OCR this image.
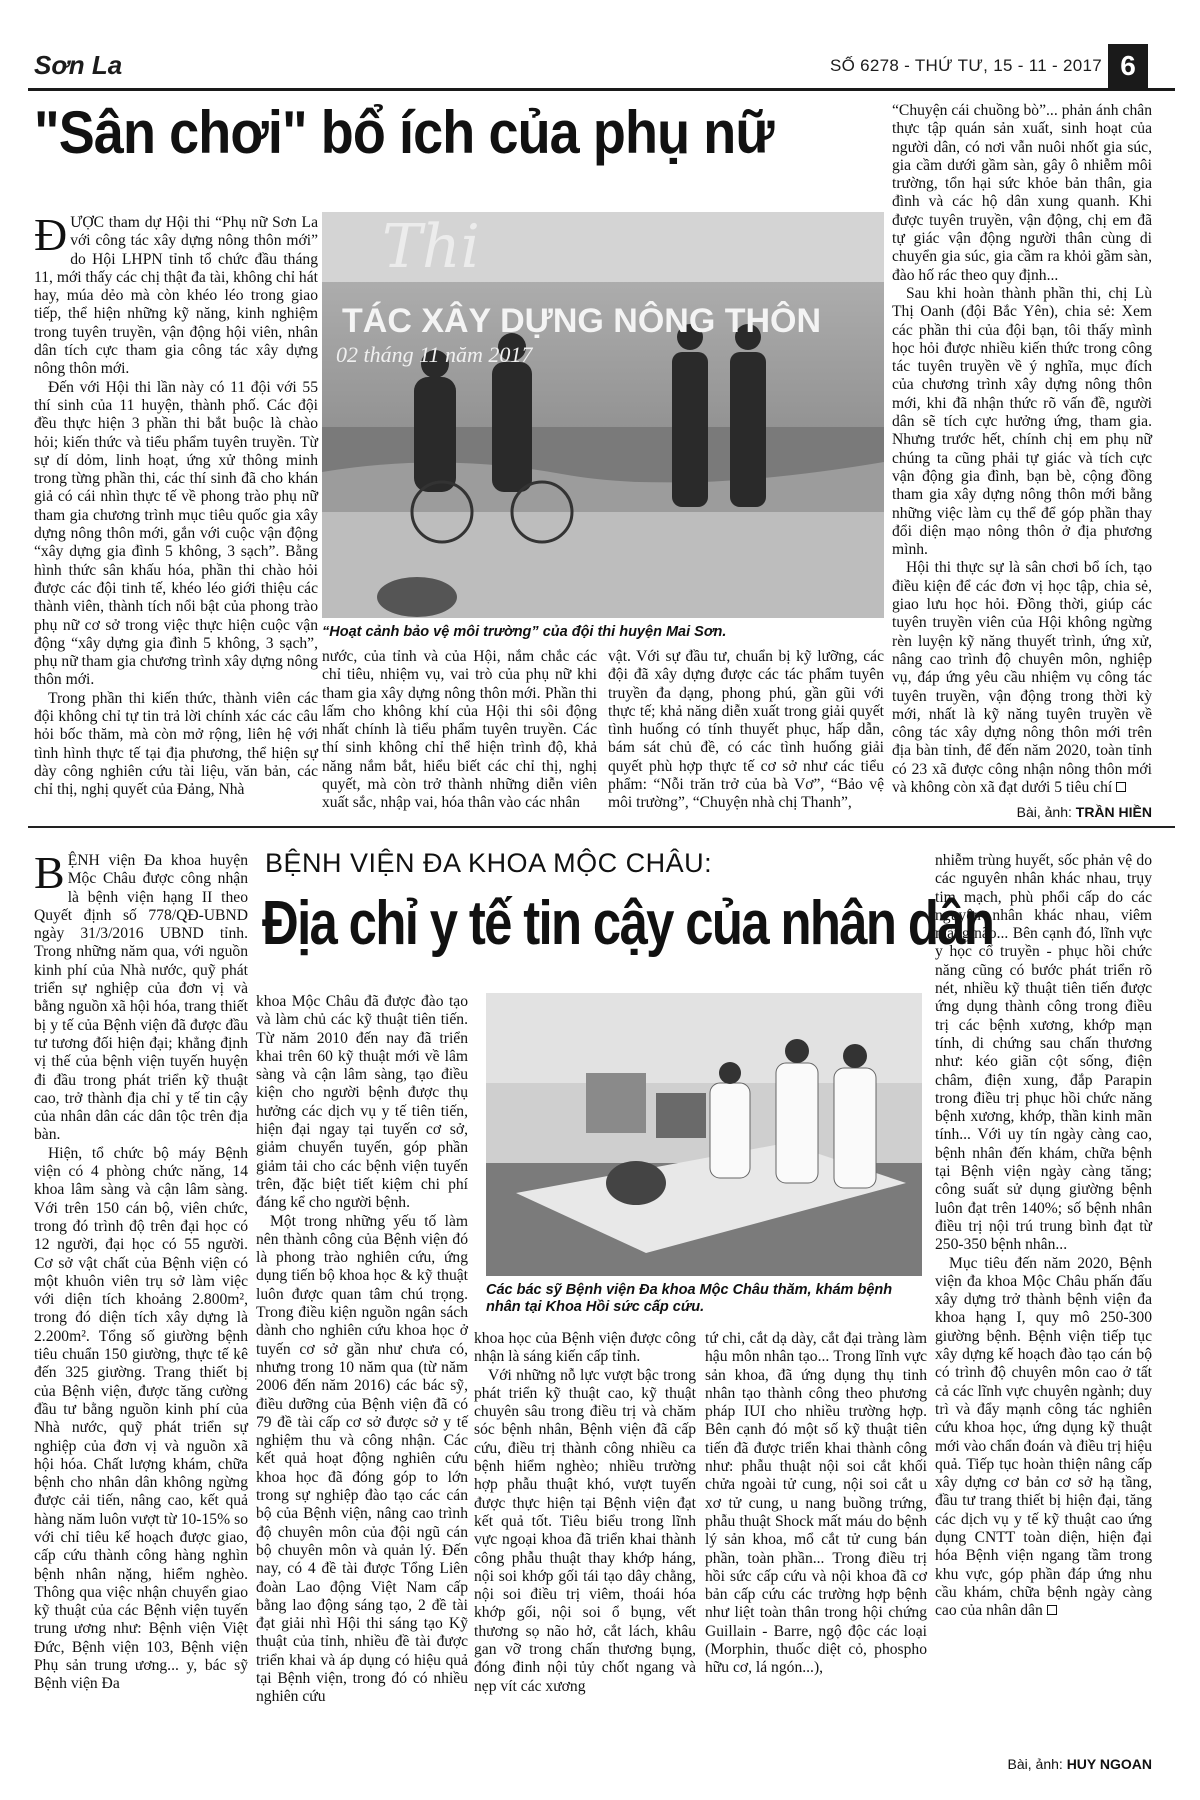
Sơn La	SỐ 6278 - THỨ TƯ, 15 - 11 - 2017 6
"Sân chơi" bổ ích của phụ nữ

ĐƯỢC tham dự Hội thi “Phụ nữ Sơn La với công tác xây dựng nông thôn mới” do Hội LHPN tỉnh tổ chức đầu tháng 11, mới thấy các chị thật đa tài, không chỉ hát hay, múa dẻo mà còn khéo léo trong giao tiếp, thể hiện những kỹ năng, kinh nghiệm trong tuyên truyền, vận động hội viên, nhân dân tích cực tham gia công tác xây dựng nông thôn mới.

Đến với Hội thi lần này có 11 đội với 55 thí sinh của 11 huyện, thành phố. Các đội đều thực hiện 3 phần thi bắt buộc là chào hỏi; kiến thức và tiểu phẩm tuyên truyền. Từ sự dí dỏm, linh hoạt, ứng xử thông minh trong từng phần thi, các thí sinh đã cho khán giả có cái nhìn thực tế về phong trào phụ nữ tham gia chương trình mục tiêu quốc gia xây dựng nông thôn mới, gắn với cuộc vận động “xây dựng gia đình 5 không, 3 sạch”. Bằng hình thức sân khấu hóa, phần thi chào hỏi được các đội tinh tế, khéo léo giới thiệu các thành viên, thành tích nổi bật của phong trào phụ nữ cơ sở trong việc thực hiện cuộc vận động “xây dựng gia đình 5 không, 3 sạch”, phụ nữ tham gia chương trình xây dựng nông thôn mới.

Trong phần thi kiến thức, thành viên các đội không chỉ tự tin trả lời chính xác các câu hỏi bốc thăm, mà còn mở rộng, liên hệ với tình hình thực tế tại địa phương, thể hiện sự dày công nghiên cứu tài liệu, văn bản, các chỉ thị, nghị quyết của Đảng, Nhà

TÁC XÂY DỰNG NÔNG THÔN
Thi
02 tháng 11 năm 2017
“Hoạt cảnh bảo vệ môi trường” của đội thi huyện Mai Sơn.

nước, của tỉnh và của Hội, nắm chắc các chỉ tiêu, nhiệm vụ, vai trò của phụ nữ khi tham gia xây dựng nông thôn mới. Phần thi lấm cho không khí của Hội thi sôi động nhất chính là tiểu phẩm tuyên truyền. Các thí sinh không chỉ thể hiện trình độ, khả năng nắm bắt, hiểu biết các chỉ thị, nghị quyết, mà còn trở thành những diễn viên xuất sắc, nhập vai, hóa thân vào các nhân

vật. Với sự đầu tư, chuẩn bị kỹ lưỡng, các đội đã xây dựng được các tác phẩm tuyên truyền đa dạng, phong phú, gần gũi với thực tế; khả năng diễn xuất trong giải quyết tình huống có tính thuyết phục, hấp dẫn, bám sát chủ đề, có các tình huống giải quyết phù hợp thực tế cơ sở như các tiểu phẩm: “Nỗi trăn trở của bà Vơ”, “Bảo vệ môi trường”, “Chuyện nhà chị Thanh”,

“Chuyện cái chuồng bò”... phản ánh chân thực tập quán sản xuất, sinh hoạt của người dân, có nơi vẫn nuôi nhốt gia súc, gia cầm dưới gầm sàn, gây ô nhiễm môi trường, tổn hại sức khỏe bản thân, gia đình và các hộ dân xung quanh. Khi được tuyên truyền, vận động, chị em đã tự giác vận động người thân cùng di chuyển gia súc, gia cầm ra khỏi gầm sàn, đào hố rác theo quy định...

Sau khi hoàn thành phần thi, chị Lù Thị Oanh (đội Bắc Yên), chia sẻ: Xem các phần thi của đội bạn, tôi thấy mình học hỏi được nhiều kiến thức trong công tác tuyên truyền về ý nghĩa, mục đích của chương trình xây dựng nông thôn mới, khi đã nhận thức rõ vấn đề, người dân sẽ tích cực hưởng ứng, tham gia. Nhưng trước hết, chính chị em phụ nữ chúng ta cũng phải tự giác và tích cực vận động gia đình, bạn bè, cộng đồng tham gia xây dựng nông thôn mới bằng những việc làm cụ thể để góp phần thay đổi diện mạo nông thôn ở địa phương mình.

Hội thi thực sự là sân chơi bổ ích, tạo điều kiện để các đơn vị học tập, chia sẻ, giao lưu học hỏi. Đồng thời, giúp các tuyên truyền viên của Hội không ngừng rèn luyện kỹ năng thuyết trình, ứng xử, nâng cao trình độ chuyên môn, nghiệp vụ, đáp ứng yêu cầu nhiệm vụ công tác tuyên truyền, vận động trong thời kỳ mới, nhất là kỹ năng tuyên truyền về công tác xây dựng nông thôn mới trên địa bàn tỉnh, để đến năm 2020, toàn tỉnh có 23 xã được công nhận nông thôn mới và không còn xã đạt dưới 5 tiêu chí

Bài, ảnh: TRẦN HIỀN
BỆNH VIỆN ĐA KHOA MỘC CHÂU:
Địa chỉ y tế tin cậy của nhân dân

BỆNH viện Đa khoa huyện Mộc Châu được công nhận là bệnh viện hạng II theo Quyết định số 778/QĐ-UBND ngày 31/3/2016 UBND tỉnh. Trong những năm qua, với nguồn kinh phí của Nhà nước, quỹ phát triển sự nghiệp của đơn vị và bằng nguồn xã hội hóa, trang thiết bị y tế của Bệnh viện đã được đầu tư tương đối hiện đại; khẳng định vị thế của bệnh viện tuyến huyện đi đầu trong phát triển kỹ thuật cao, trở thành địa chỉ y tế tin cậy của nhân dân các dân tộc trên địa bàn.

Hiện, tổ chức bộ máy Bệnh viện có 4 phòng chức năng, 14 khoa lâm sàng và cận lâm sàng. Với trên 150 cán bộ, viên chức, trong đó trình độ trên đại học có 12 người, đại học có 55 người. Cơ sở vật chất của Bệnh viện có một khuôn viên trụ sở làm việc với diện tích khoảng 2.800m², trong đó diện tích xây dựng là 2.200m². Tổng số giường bệnh tiêu chuẩn 150 giường, thực tế kê đến 325 giường. Trang thiết bị của Bệnh viện, được tăng cường đầu tư bằng nguồn kinh phí của Nhà nước, quỹ phát triển sự nghiệp của đơn vị và nguồn xã hội hóa. Chất lượng khám, chữa bệnh cho nhân dân không ngừng được cải tiến, nâng cao, kết quả hàng năm luôn vượt từ 10-15% so với chỉ tiêu kế hoạch được giao, cấp cứu thành công hàng nghìn bệnh nhân nặng, hiểm nghèo. Thông qua việc nhận chuyển giao kỹ thuật của các Bệnh viện tuyến trung ương như: Bệnh viện Việt Đức, Bệnh viện 103, Bệnh viện Phụ sản trung ương... y, bác sỹ Bệnh viện Đa

khoa Mộc Châu đã được đào tạo và làm chủ các kỹ thuật tiên tiến. Từ năm 2010 đến nay đã triển khai trên 60 kỹ thuật mới về lâm sàng và cận lâm sàng, tạo điều kiện cho người bệnh được thụ hưởng các dịch vụ y tế tiên tiến, hiện đại ngay tại tuyến cơ sở, giảm chuyển tuyến, góp phần giảm tải cho các bệnh viện tuyến trên, đặc biệt tiết kiệm chi phí đáng kể cho người bệnh.

Một trong những yếu tố làm nên thành công của Bệnh viện đó là phong trào nghiên cứu, ứng dụng tiến bộ khoa học & kỹ thuật luôn được quan tâm chú trọng. Trong điều kiện nguồn ngân sách dành cho nghiên cứu khoa học ở tuyến cơ sở gần như chưa có, nhưng trong 10 năm qua (từ năm 2006 đến năm 2016) các bác sỹ, điều dưỡng của Bệnh viện đã có 79 đề tài cấp cơ sở được sở y tế nghiệm thu và công nhận. Các kết quả hoạt động nghiên cứu khoa học đã đóng góp to lớn trong sự nghiệp đào tạo các cán bộ của Bệnh viện, nâng cao trình độ chuyên môn của đội ngũ cán bộ chuyên môn và quản lý. Đến nay, có 4 đề tài được Tổng Liên đoàn Lao động Việt Nam cấp bằng lao động sáng tạo, 2 đề tài đạt giải nhì Hội thi sáng tạo Kỹ thuật của tỉnh, nhiều đề tài được triển khai và áp dụng có hiệu quả tại Bệnh viện, trong đó có nhiều nghiên cứu

Các bác sỹ Bệnh viện Đa khoa Mộc Châu thăm, khám bệnh nhân tại Khoa Hồi sức cấp cứu.

khoa học của Bệnh viện được công nhận là sáng kiến cấp tỉnh.

Với những nỗ lực vượt bậc trong phát triển kỹ thuật cao, kỹ thuật chuyên sâu trong điều trị và chăm sóc bệnh nhân, Bệnh viện đã cấp cứu, điều trị thành công nhiều ca bệnh hiểm nghèo; nhiều trường hợp phẫu thuật khó, vượt tuyến được thực hiện tại Bệnh viện đạt kết quả tốt. Tiêu biểu trong lĩnh vực ngoại khoa đã triển khai thành công phẫu thuật thay khớp háng, nội soi khớp gối tái tạo dây chằng, nội soi điều trị viêm, thoái hóa khớp gối, nội soi ổ bụng, vết thương sọ não hở, cắt lách, khâu gan vỡ trong chấn thương bụng, đóng đinh nội tủy chốt ngang và nẹp vít các xương

tứ chi, cắt dạ dày, cắt đại tràng làm hậu môn nhân tạo... Trong lĩnh vực sản khoa, đã ứng dụng thụ tinh nhân tạo thành công theo phương pháp IUI cho nhiều trường hợp. Bên cạnh đó một số kỹ thuật tiên tiến đã được triển khai thành công như: phẫu thuật nội soi cắt khối chửa ngoài tử cung, nội soi cắt u xơ tử cung, u nang buồng trứng, phẫu thuật Shock mất máu do bệnh lý sản khoa, mổ cắt tử cung bán phần, toàn phần... Trong điều trị hồi sức cấp cứu và nội khoa đã cơ bản cấp cứu các trường hợp bệnh như liệt toàn thân trong hội chứng Guillain - Barre, ngộ độc các loại (Morphin, thuốc diệt cỏ, phospho hữu cơ, lá ngón...),

nhiễm trùng huyết, sốc phản vệ do các nguyên nhân khác nhau, trụy tim mạch, phù phổi cấp do các nguyên nhân khác nhau, viêm màng não... Bên cạnh đó, lĩnh vực y học cổ truyền - phục hồi chức năng cũng có bước phát triển rõ nét, nhiều kỹ thuật tiên tiến được ứng dụng thành công trong điều trị các bệnh xương, khớp mạn tính, di chứng sau chấn thương như: kéo giãn cột sống, điện châm, điện xung, đắp Parapin trong điều trị phục hồi chức năng bệnh xương, khớp, thần kinh mãn tính... Với uy tín ngày càng cao, bệnh nhân đến khám, chữa bệnh tại Bệnh viện ngày càng tăng; công suất sử dụng giường bệnh luôn đạt trên 140%; số bệnh nhân điều trị nội trú trung bình đạt từ 250-350 bệnh nhân...

Mục tiêu đến năm 2020, Bệnh viện đa khoa Mộc Châu phấn đấu xây dựng trở thành bệnh viện đa khoa hạng I, quy mô 250-300 giường bệnh. Bệnh viện tiếp tục xây dựng kế hoạch đào tạo cán bộ có trình độ chuyên môn cao ở tất cả các lĩnh vực chuyên ngành; duy trì và đẩy mạnh công tác nghiên cứu khoa học, ứng dụng kỹ thuật mới vào chẩn đoán và điều trị hiệu quả. Tiếp tục hoàn thiện nâng cấp xây dựng cơ bản cơ sở hạ tầng, đầu tư trang thiết bị hiện đại, tăng các dịch vụ y tế kỹ thuật cao ứng dụng CNTT toàn diện, hiện đại hóa Bệnh viện ngang tầm trong khu vực, góp phần đáp ứng nhu cầu khám, chữa bệnh ngày càng cao của nhân dân

Bài, ảnh: HUY NGOAN
